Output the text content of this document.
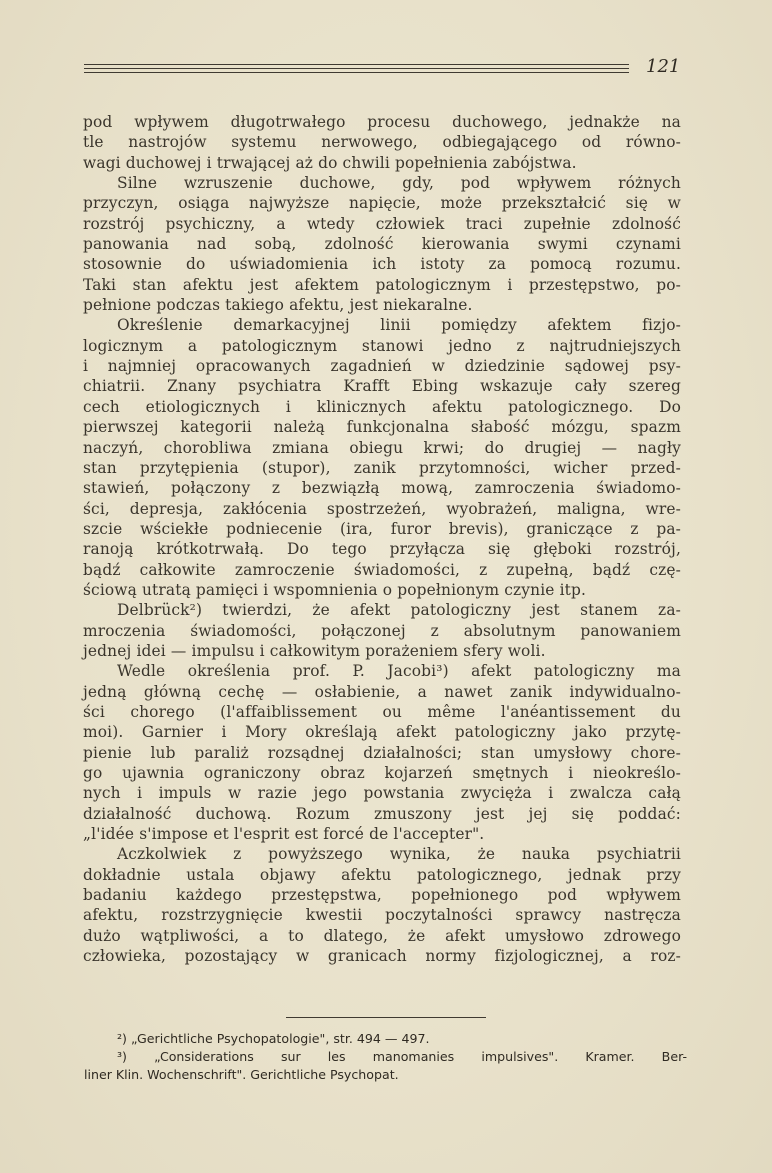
121
pod wpływem długotrwałego procesu duchowego, jednakże na
tle nastrojów systemu nerwowego, odbiegającego od równo-
wagi duchowej i trwającej aż do chwili popełnienia zabójstwa.
Silne wzruszenie duchowe, gdy, pod wpływem różnych
przyczyn, osiąga najwyższe napięcie, może przekształcić się w
rozstrój psychiczny, a wtedy człowiek traci zupełnie zdolność
panowania nad sobą, zdolność kierowania swymi czynami
stosownie do uświadomienia ich istoty za pomocą rozumu.
Taki stan afektu jest afektem patologicznym i przestępstwo, po-
pełnione podczas takiego afektu, jest niekaralne.
Określenie demarkacyjnej linii pomiędzy afektem fizjo-
logicznym a patologicznym stanowi jedno z najtrudniejszych
i najmniej opracowanych zagadnień w dziedzinie sądowej psy-
chiatrii. Znany psychiatra Krafft Ebing wskazuje cały szereg
cech etiologicznych i klinicznych afektu patologicznego. Do
pierwszej kategorii należą funkcjonalna słabość mózgu, spazm
naczyń, chorobliwa zmiana obiegu krwi; do drugiej — nagły
stan przytępienia (stupor), zanik przytomności, wicher przed-
stawień, połączony z bezwiązłą mową, zamroczenia świadomo-
ści, depresja, zakłócenia spostrzeżeń, wyobrażeń, maligna, wre-
szcie wściekłe podniecenie (ira, furor brevis), graniczące z pa-
ranoją krótkotrwałą. Do tego przyłącza się głęboki rozstrój,
bądź całkowite zamroczenie świadomości, z zupełną, bądź czę-
ściową utratą pamięci i wspomnienia o popełnionym czynie itp.
Delbrück²) twierdzi, że afekt patologiczny jest stanem za-
mroczenia świadomości, połączonej z absolutnym panowaniem
jednej idei — impulsu i całkowitym porażeniem sfery woli.
Wedle określenia prof. P. Jacobi³) afekt patologiczny ma
jedną główną cechę — osłabienie, a nawet zanik indywidualno-
ści chorego (l'affaiblissement ou même l'anéantissement du
moi). Garnier i Mory określają afekt patologiczny jako przytę-
pienie lub paraliż rozsądnej działalności; stan umysłowy chore-
go ujawnia ograniczony obraz kojarzeń smętnych i nieokreślo-
nych i impuls w razie jego powstania zwycięża i zwalcza całą
działalność duchową. Rozum zmuszony jest jej się poddać:
„l'idée s'impose et l'esprit est forcé de l'accepter".
Aczkolwiek z powyższego wynika, że nauka psychiatrii
dokładnie ustala objawy afektu patologicznego, jednak przy
badaniu każdego przestępstwa, popełnionego pod wpływem
afektu, rozstrzygnięcie kwestii poczytalności sprawcy nastręcza
dużo wątpliwości, a to dlatego, że afekt umysłowo zdrowego
człowieka, pozostający w granicach normy fizjologicznej, a roz-
²) „Gerichtliche Psychopatologie", str. 494 — 497.
³) „Considerations sur les manomanies impulsives". Kramer. Ber-
liner Klin. Wochenschrift". Gerichtliche Psychopat.
